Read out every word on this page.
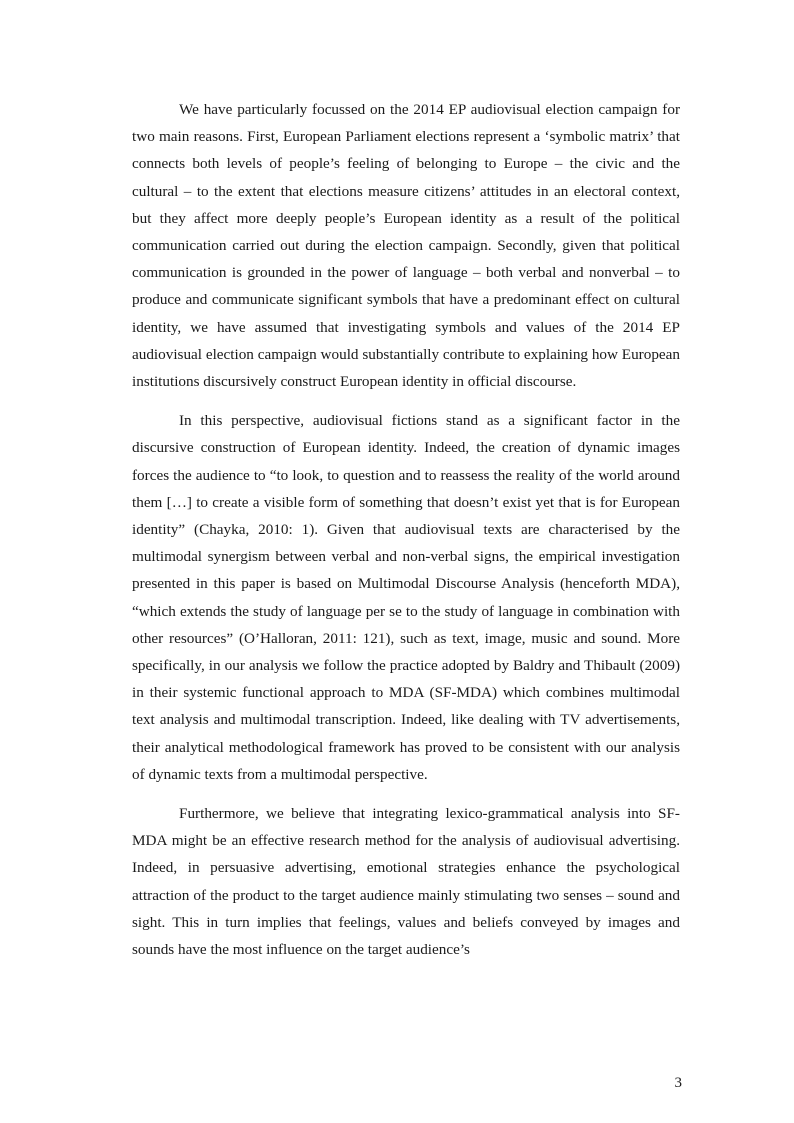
We have particularly focussed on the 2014 EP audiovisual election campaign for two main reasons. First, European Parliament elections represent a ‘symbolic matrix’ that connects both levels of people’s feeling of belonging to Europe – the civic and the cultural – to the extent that elections measure citizens’ attitudes in an electoral context, but they affect more deeply people’s European identity as a result of the political communication carried out during the election campaign. Secondly, given that political communication is grounded in the power of language – both verbal and nonverbal – to produce and communicate significant symbols that have a predominant effect on cultural identity, we have assumed that investigating symbols and values of the 2014 EP audiovisual election campaign would substantially contribute to explaining how European institutions discursively construct European identity in official discourse.

In this perspective, audiovisual fictions stand as a significant factor in the discursive construction of European identity. Indeed, the creation of dynamic images forces the audience to “to look, to question and to reassess the reality of the world around them […] to create a visible form of something that doesn’t exist yet that is for European identity” (Chayka, 2010: 1). Given that audiovisual texts are characterised by the multimodal synergism between verbal and non-verbal signs, the empirical investigation presented in this paper is based on Multimodal Discourse Analysis (henceforth MDA), “which extends the study of language per se to the study of language in combination with other resources” (O’Halloran, 2011: 121), such as text, image, music and sound. More specifically, in our analysis we follow the practice adopted by Baldry and Thibault (2009) in their systemic functional approach to MDA (SF-MDA) which combines multimodal text analysis and multimodal transcription. Indeed, like dealing with TV advertisements, their analytical methodological framework has proved to be consistent with our analysis of dynamic texts from a multimodal perspective.

Furthermore, we believe that integrating lexico-grammatical analysis into SF-MDA might be an effective research method for the analysis of audiovisual advertising. Indeed, in persuasive advertising, emotional strategies enhance the psychological attraction of the product to the target audience mainly stimulating two senses – sound and sight. This in turn implies that feelings, values and beliefs conveyed by images and sounds have the most influence on the target audience’s

3
